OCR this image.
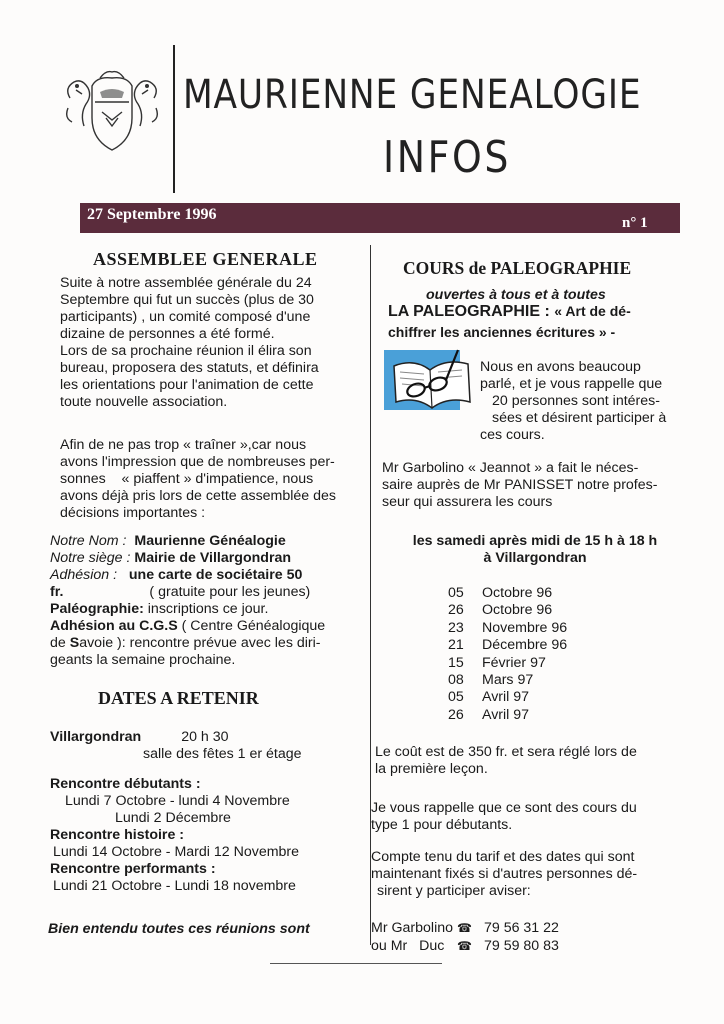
MAURIENNE GENEALOGIE
INFOS
27 Septembre 1996	n° 1
ASSEMBLEE GENERALE
Suite à notre assemblée générale du 24
Septembre qui fut un succès (plus de 30
participants) , un comité composé d'une
dizaine de personnes a été formé.
Lors de sa prochaine réunion il élira son
bureau, proposera des statuts, et définira
les orientations pour l'animation de cette
toute nouvelle association.
Afin de ne pas trop « traîner »,car nous
avons l'impression que de nombreuses per-
sonnes    « piaffent » d'impatience, nous
avons déjà pris lors de cette assemblée des
décisions importantes :
Notre Nom : Maurienne Généalogie
Notre siège : Mairie de Villargondran
Adhésion : une carte de sociétaire 50
fr.	( gratuite pour les jeunes)
Paléographie: inscriptions ce jour.
Adhésion au C.G.S ( Centre Généalogique
de Savoie ): rencontre prévue avec les diri-
geants la semaine prochaine.
DATES A RETENIR
Villargondran	20 h 30
salle des fêtes 1 er étage
Rencontre débutants :
Lundi 7 Octobre - lundi 4 Novembre
Lundi 2 Décembre
Rencontre histoire :
Lundi 14 Octobre - Mardi 12 Novembre
Rencontre performants :
Lundi 21 Octobre - Lundi 18 novembre
Bien entendu toutes ces réunions sont
COURS de PALEOGRAPHIE
ouvertes à tous et à toutes
LA PALEOGRAPHIE : « Art de dé-
chiffrer les anciennes écritures » -
Nous en avons beaucoup
parlé, et je vous rappelle que
20 personnes sont intéres-
sées et désirent participer à
ces cours.
Mr Garbolino « Jeannot » a fait le néces-
saire auprès de Mr PANISSET notre profes-
seur qui assurera les cours
les samedi après midi de 15 h à 18 h
à Villargondran
05	Octobre 96
26	Octobre 96
23	Novembre 96
21	Décembre 96
15	Février 97
08	Mars 97
05	Avril 97
26	Avril 97
Le coût est de 350 fr. et sera réglé lors de
la première leçon.
Je vous rappelle que ce sont des cours du
type 1 pour débutants.
Compte tenu du tarif et des dates qui sont
maintenant fixés si d'autres personnes dé-
sirent y participer aviser:
Mr Garbolino	☎	79 56 31 22
ou Mr   Duc	☎	79 59 80 83
